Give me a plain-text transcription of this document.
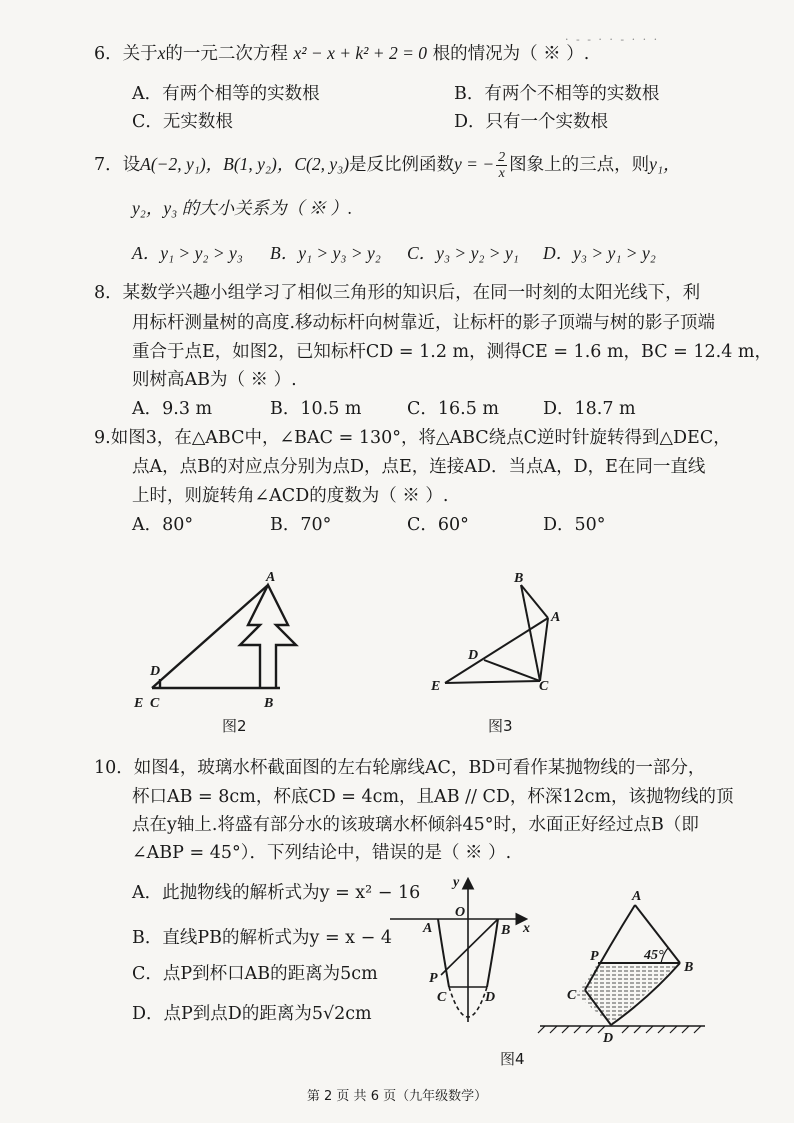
· - - · · - · · ·
6．关于x的一元二次方程 x² − x + k² + 2 = 0 根的情况为（ ※ ）.
A．有两个相等的实数根	B．有两个不相等的实数根
C．无实数根	D．只有一个实数根
7．设A(−2, y₁)，B(1, y₂)，C(2, y₃)是反比例函数y = − $\frac{2}{x}$ 图象上的三点，则y₁，
y₂，y₃ 的大小关系为（ ※ ）.
A．y₁ > y₂ > y₃ B．y₁ > y₃ > y₂ C．y₃ > y₂ > y₁ D．y₃ > y₁ > y₂
8．某数学兴趣小组学习了相似三角形的知识后，在同一时刻的太阳光线下，利
用标杆测量树的高度.移动标杆向树靠近，让标杆的影子顶端与树的影子顶端
重合于点E，如图2，已知标杆CD = 1.2 m，测得CE = 1.6 m，BC = 12.4 m，
则树高AB为（ ※ ）.
A．9.3 m	B．10.5 m	C．16.5 m	D．18.7 m
9.如图3，在△ABC中，∠BAC = 130°，将△ABC绕点C逆时针旋转得到△DEC，
点A，点B的对应点分别为点D，点E，连接AD．当点A，D，E在同一直线
上时，则旋转角∠ACD的度数为（ ※ ）.
A．80°	B．70°	C．60°	D．50°
A
B
D
E C
图2
B
A
D
E	C
图3
10．如图4，玻璃水杯截面图的左右轮廓线AC，BD可看作某抛物线的一部分，
杯口AB = 8cm，杯底CD = 4cm，且AB // CD，杯深12cm，该抛物线的顶
点在y轴上.将盛有部分水的该玻璃水杯倾斜45°时，水面正好经过点B（即
∠ABP = 45°）．下列结论中，错误的是（ ※ ）.
A．此抛物线的解析式为y = x² − 16
B．直线PB的解析式为y = x − 4
C．点P到杯口AB的距离为5cm
D．点P到点D的距离为5√2cm
y
O
A	B x
P
C	D
A
P	45°
B
C
D
图4
第 2 页 共 6 页（九年级数学）
